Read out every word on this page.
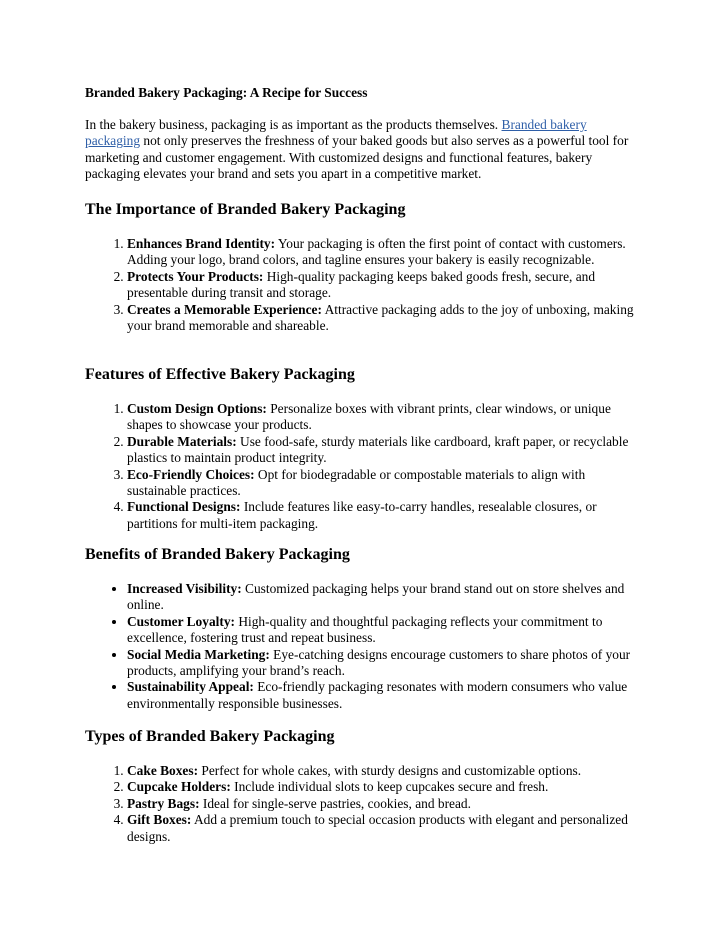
Branded Bakery Packaging: A Recipe for Success

In the bakery business, packaging is as important as the products themselves. Branded bakery packaging not only preserves the freshness of your baked goods but also serves as a powerful tool for marketing and customer engagement. With customized designs and functional features, bakery packaging elevates your brand and sets you apart in a competitive market.

The Importance of Branded Bakery Packaging
1. Enhances Brand Identity: Your packaging is often the first point of contact with customers. Adding your logo, brand colors, and tagline ensures your bakery is easily recognizable.
2. Protects Your Products: High-quality packaging keeps baked goods fresh, secure, and presentable during transit and storage.
3. Creates a Memorable Experience: Attractive packaging adds to the joy of unboxing, making your brand memorable and shareable.
Features of Effective Bakery Packaging
1. Custom Design Options: Personalize boxes with vibrant prints, clear windows, or unique shapes to showcase your products.
2. Durable Materials: Use food-safe, sturdy materials like cardboard, kraft paper, or recyclable plastics to maintain product integrity.
3. Eco-Friendly Choices: Opt for biodegradable or compostable materials to align with sustainable practices.
4. Functional Designs: Include features like easy-to-carry handles, resealable closures, or partitions for multi-item packaging.
Benefits of Branded Bakery Packaging
• Increased Visibility: Customized packaging helps your brand stand out on store shelves and online.
• Customer Loyalty: High-quality and thoughtful packaging reflects your commitment to excellence, fostering trust and repeat business.
• Social Media Marketing: Eye-catching designs encourage customers to share photos of your products, amplifying your brand’s reach.
• Sustainability Appeal: Eco-friendly packaging resonates with modern consumers who value environmentally responsible businesses.
Types of Branded Bakery Packaging
1. Cake Boxes: Perfect for whole cakes, with sturdy designs and customizable options.
2. Cupcake Holders: Include individual slots to keep cupcakes secure and fresh.
3. Pastry Bags: Ideal for single-serve pastries, cookies, and bread.
4. Gift Boxes: Add a premium touch to special occasion products with elegant and personalized designs.
